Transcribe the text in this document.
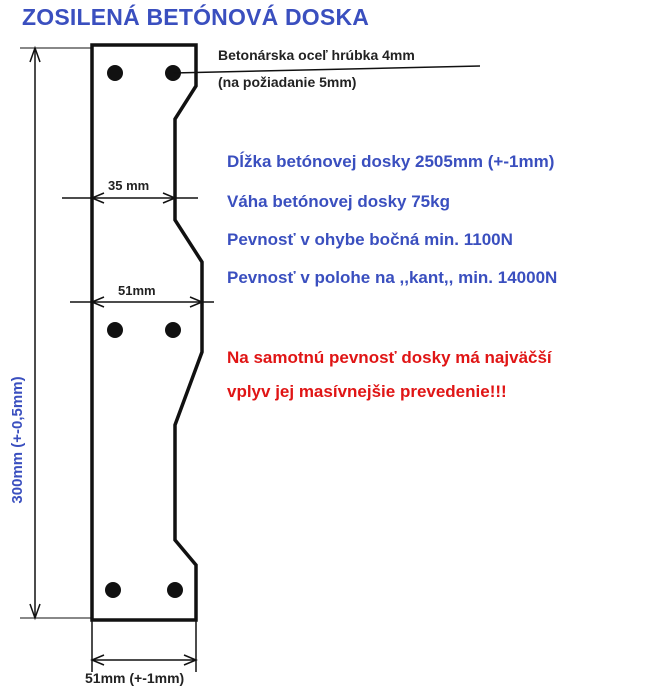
300mm (+-0,5mm)
ZOSILENÁ BETÓNOVÁ DOSKA
Betonárska oceľ hrúbka 4mm
(na požiadanie 5mm)
35 mm
51mm
51mm (+-1mm)
Dĺžka betónovej dosky 2505mm (+-1mm)
Váha betónovej dosky 75kg
Pevnosť v ohybe bočná min. 1100N
Pevnosť v polohe na ,,kant,, min. 14000N
Na samotnú pevnosť dosky má najväčší
vplyv jej masívnejšie prevedenie!!!
